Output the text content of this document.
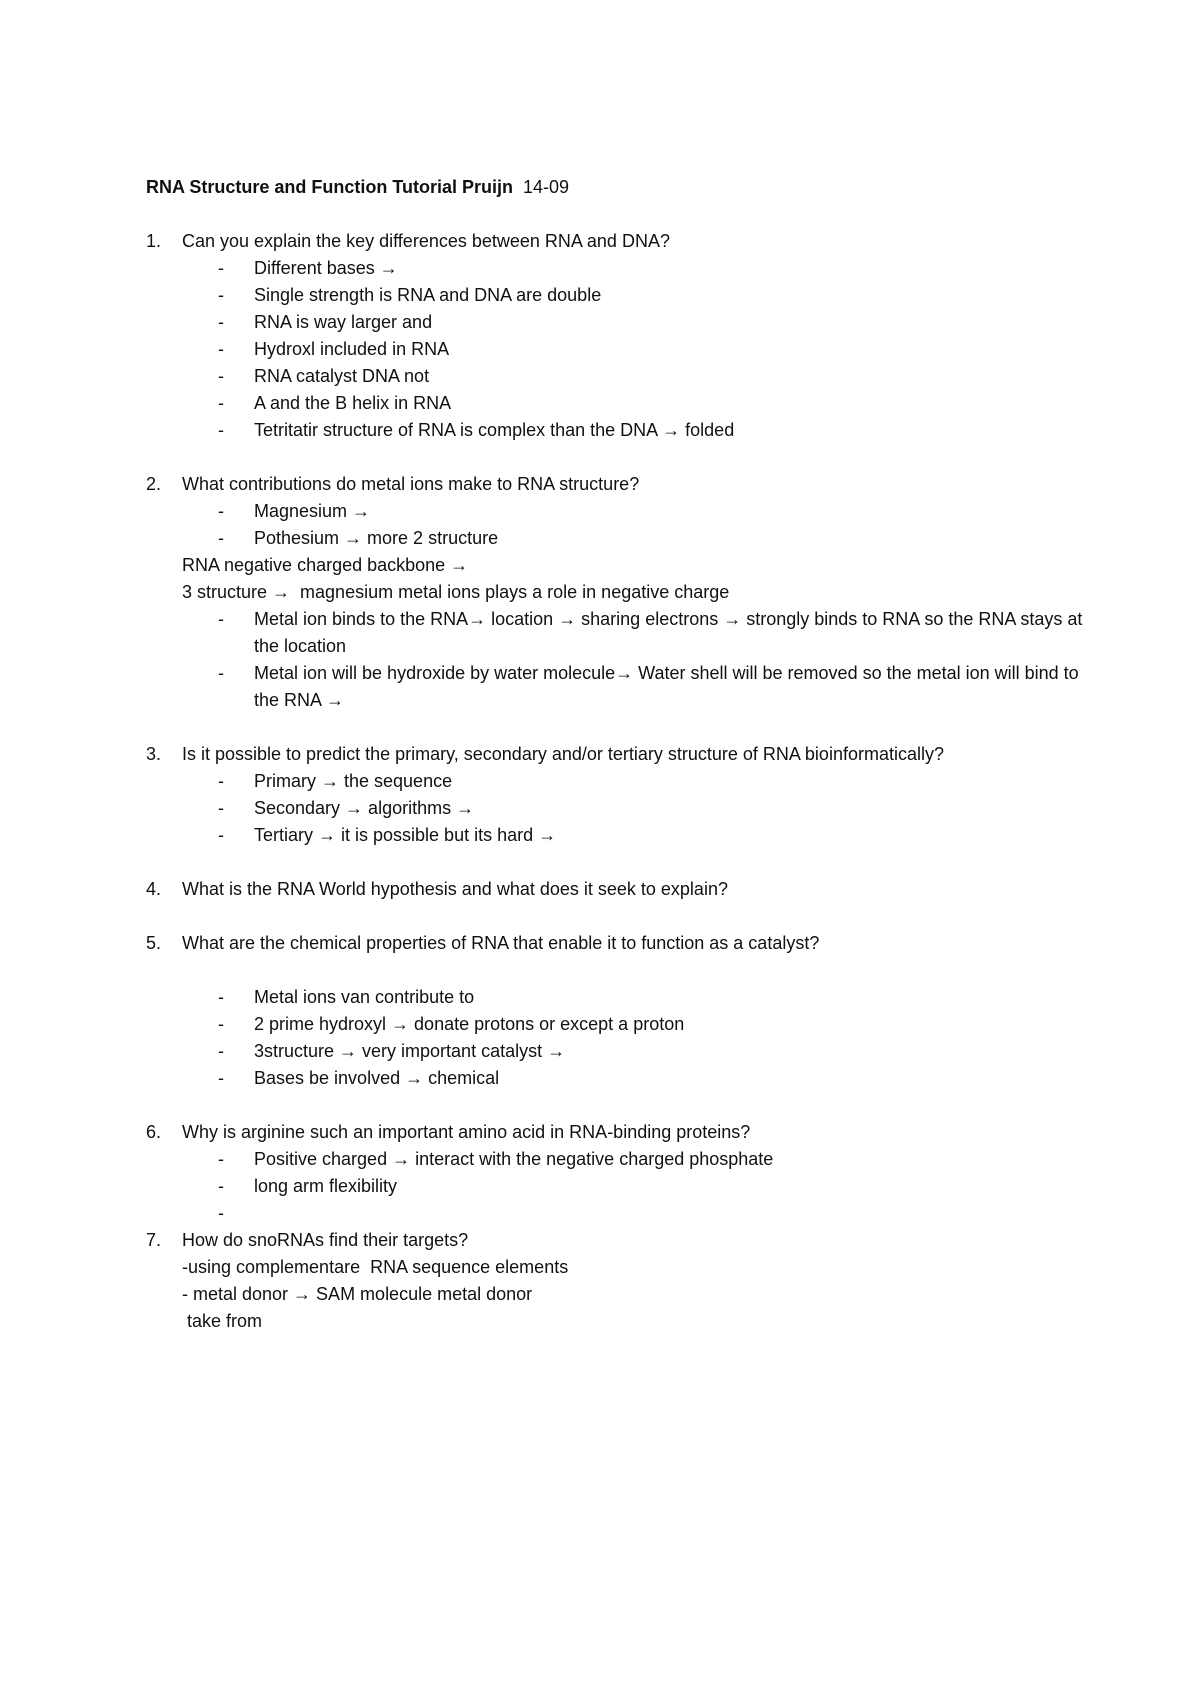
RNA Structure and Function Tutorial Pruijn 14-09

1. Can you explain the key differences between RNA and DNA?
- Different bases →
- Single strength is RNA and DNA are double
- RNA is way larger and
- Hydroxl included in RNA
- RNA catalyst DNA not
- A and the B helix in RNA
- Tetritatir structure of RNA is complex than the DNA → folded
2. What contributions do metal ions make to RNA structure?
- Magnesium →
- Pothesium → more 2 structure
RNA negative charged backbone →
3 structure →  magnesium metal ions plays a role in negative charge
- Metal ion binds to the RNA→ location → sharing electrons → strongly binds to RNA so the RNA stays at the location
- Metal ion will be hydroxide by water molecule→ Water shell will be removed so the metal ion will bind to the RNA →
3. Is it possible to predict the primary, secondary and/or tertiary structure of RNA bioinformatically?
- Primary → the sequence
- Secondary → algorithms →
- Tertiary → it is possible but its hard →
4. What is the RNA World hypothesis and what does it seek to explain?
5. What are the chemical properties of RNA that enable it to function as a catalyst?
- Metal ions van contribute to
- 2 prime hydroxyl → donate protons or except a proton
- 3structure → very important catalyst →
- Bases be involved → chemical
6. Why is arginine such an important amino acid in RNA-binding proteins?
- Positive charged → interact with the negative charged phosphate
- long arm flexibility
-
7. How do snoRNAs find their targets?
-using complementare  RNA sequence elements
- metal donor → SAM molecule metal donor
take from
